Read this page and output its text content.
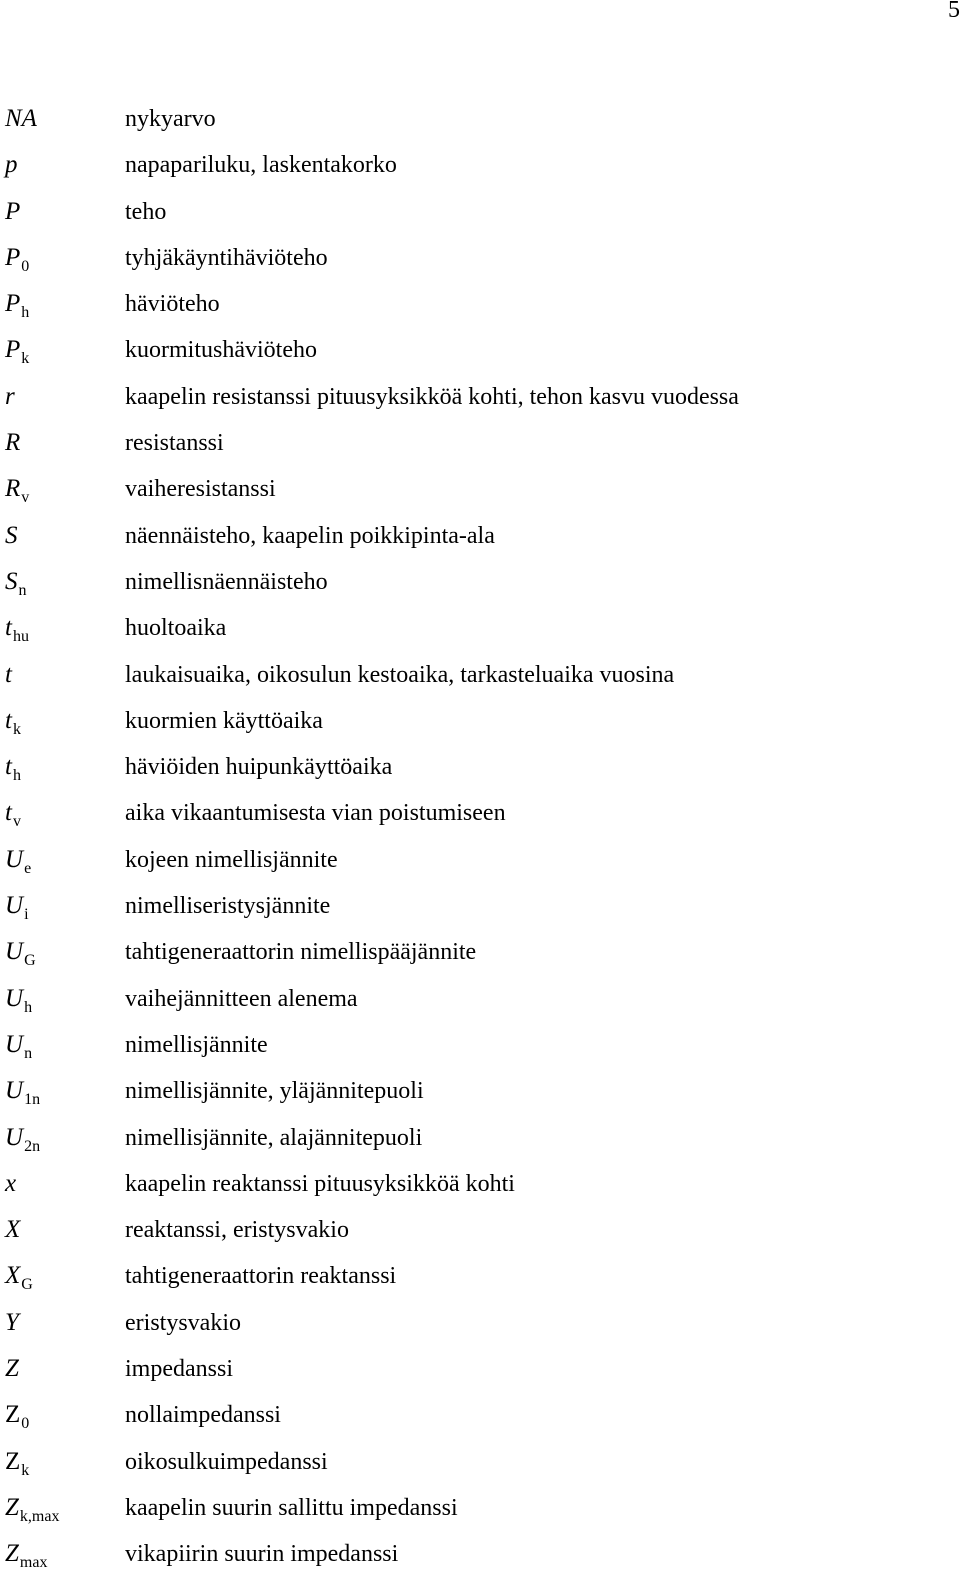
5
NA	nykyarvo
p	napapariluku, laskentakorko
P	teho
$P_0$	tyhjäkäyntihäviöteho
$P_h$	häviöteho
$P_k$	kuormitushäviöteho
r	kaapelin resistanssi pituusyksikköä kohti, tehon kasvu vuodessa
R	resistanssi
$R_v$	vaiheresistanssi
S	näennäisteho, kaapelin poikkipinta-ala
$S_n$	nimellisnäennäisteho
$t_{hu}$	huoltoaika
t	laukaisuaika, oikosulun kestoaika, tarkasteluaika vuosina
$t_k$	kuormien käyttöaika
$t_h$	häviöiden huipunkäyttöaika
$t_v$	aika vikaantumisesta vian poistumiseen
$U_e$	kojeen nimellisjännite
$U_i$	nimelliseristysjännite
$U_G$	tahtigeneraattorin nimellispääjännite
$U_h$	vaihejännitteen alenema
$U_n$	nimellisjännite
$U_{1n}$	nimellisjännite, yläjännitepuoli
$U_{2n}$	nimellisjännite, alajännitepuoli
x	kaapelin reaktanssi pituusyksikköä kohti
X	reaktanssi, eristysvakio
$X_G$	tahtigeneraattorin reaktanssi
Y	eristysvakio
Z	impedanssi
$Z_0$	nollaimpedanssi
$Z_k$	oikosulkuimpedanssi
$Z_{k,max}$	kaapelin suurin sallittu impedanssi
$Z_{max}$	vikapiirin suurin impedanssi
